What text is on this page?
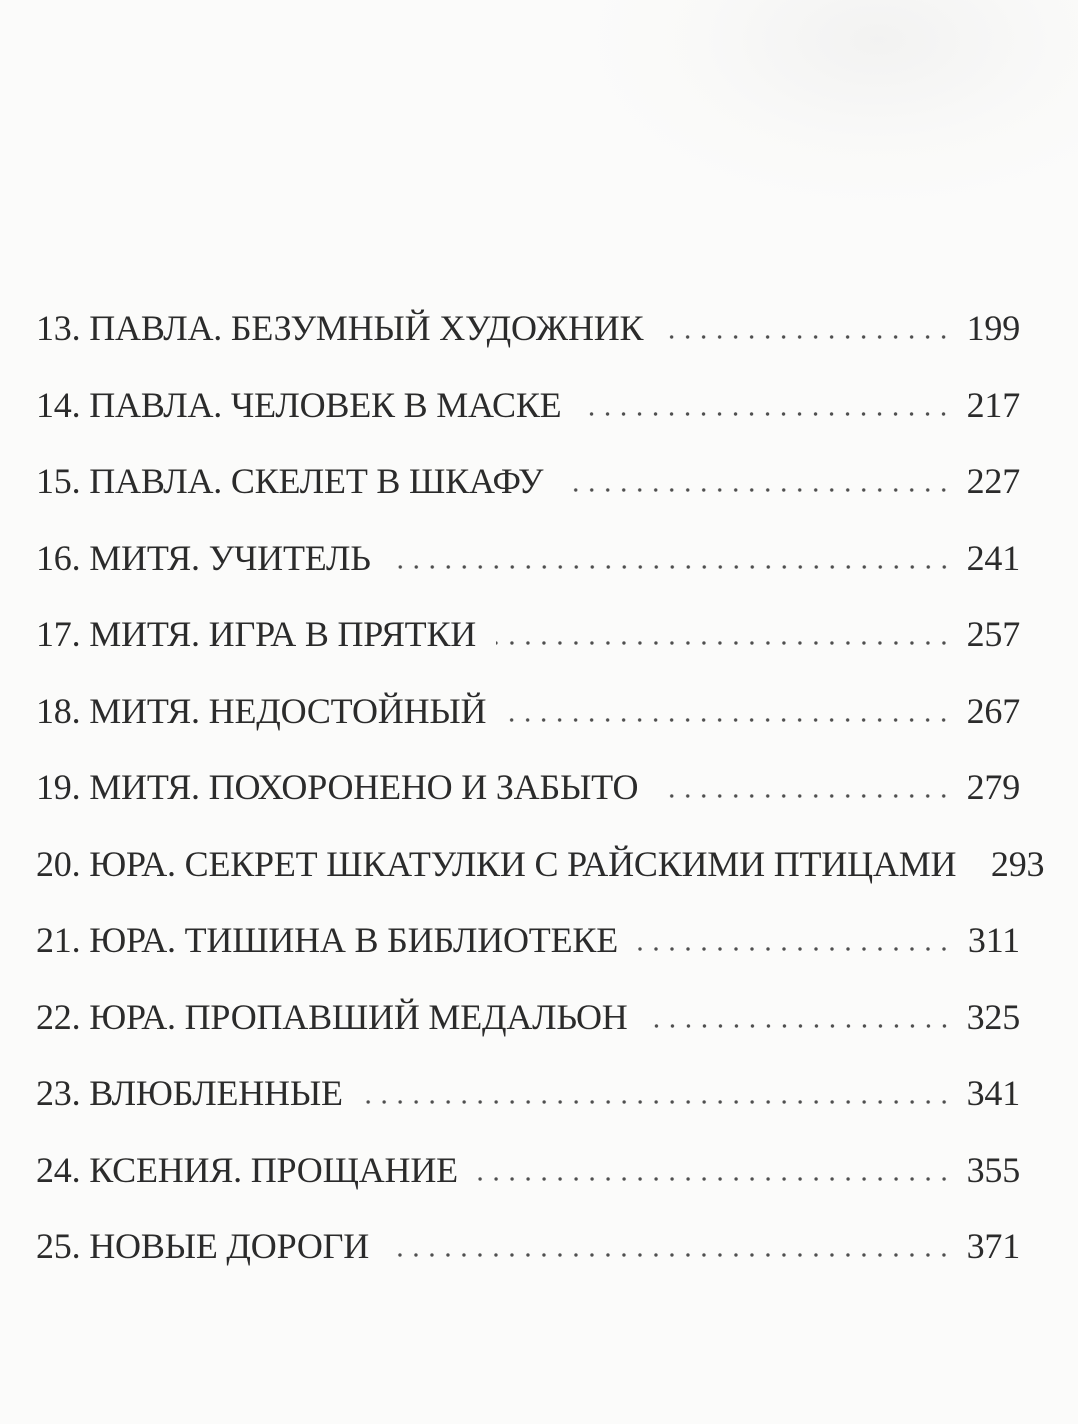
13. ПАВЛА. БЕЗУМНЫЙ ХУДОЖНИК	199
14. ПАВЛА. ЧЕЛОВЕК В МАСКЕ	217
15. ПАВЛА. СКЕЛЕТ В ШКАФУ	227
16. МИТЯ. УЧИТЕЛЬ	241
17. МИТЯ. ИГРА В ПРЯТКИ	257
18. МИТЯ. НЕДОСТОЙНЫЙ	267
19. МИТЯ. ПОХОРОНЕНО И ЗАБЫТО	279
20. ЮРА. СЕКРЕТ ШКАТУЛКИ С РАЙСКИМИ ПТИЦАМИ 293
21. ЮРА. ТИШИНА В БИБЛИОТЕКЕ	311
22. ЮРА. ПРОПАВШИЙ МЕДАЛЬОН	325
23. ВЛЮБЛЕННЫЕ	341
24. КСЕНИЯ. ПРОЩАНИЕ	355
25. НОВЫЕ ДОРОГИ	371
